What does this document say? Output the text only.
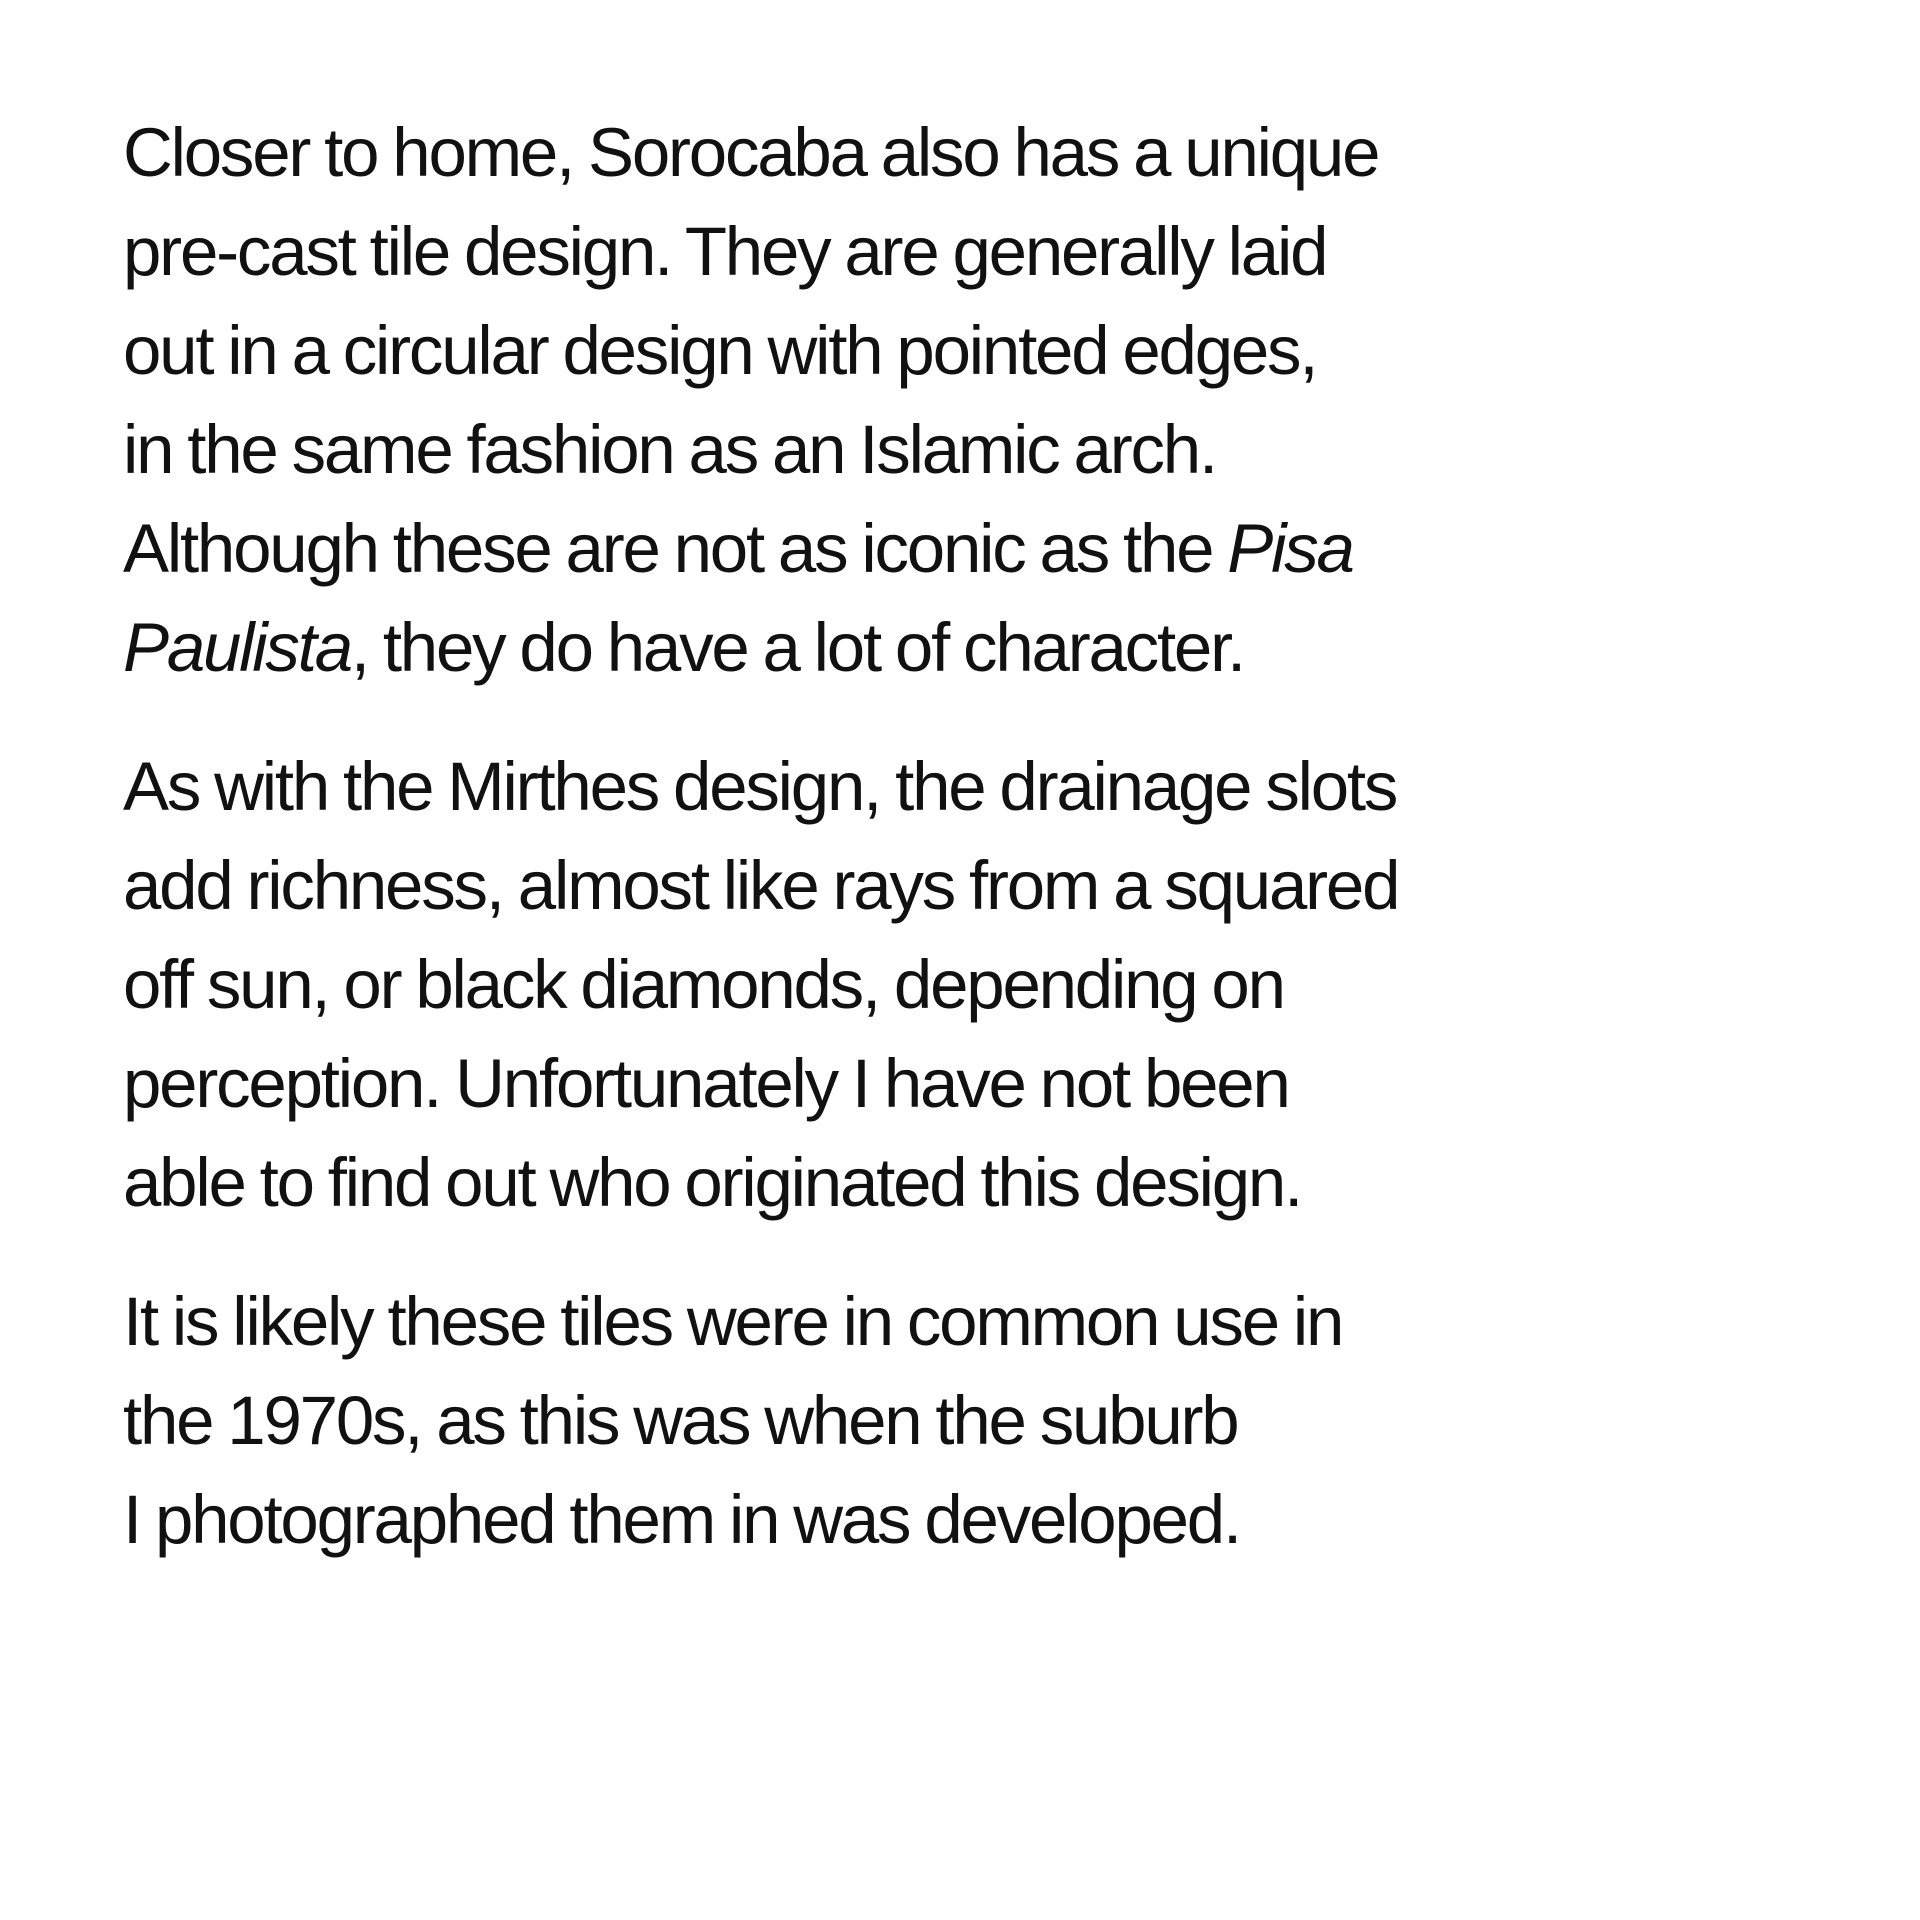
Closer to home, Sorocaba also has a unique
pre-cast tile design. They are generally laid
out in a circular design with pointed edges,
in the same fashion as an Islamic arch.
Although these are not as iconic as the Pisa
Paulista, they do have a lot of character.

As with the Mirthes design, the drainage slots
add richness, almost like rays from a squared
off sun, or black diamonds, depending on
perception. Unfortunately I have not been
able to find out who originated this design.

It is likely these tiles were in common use in
the 1970s, as this was when the suburb
I photographed them in was developed.
